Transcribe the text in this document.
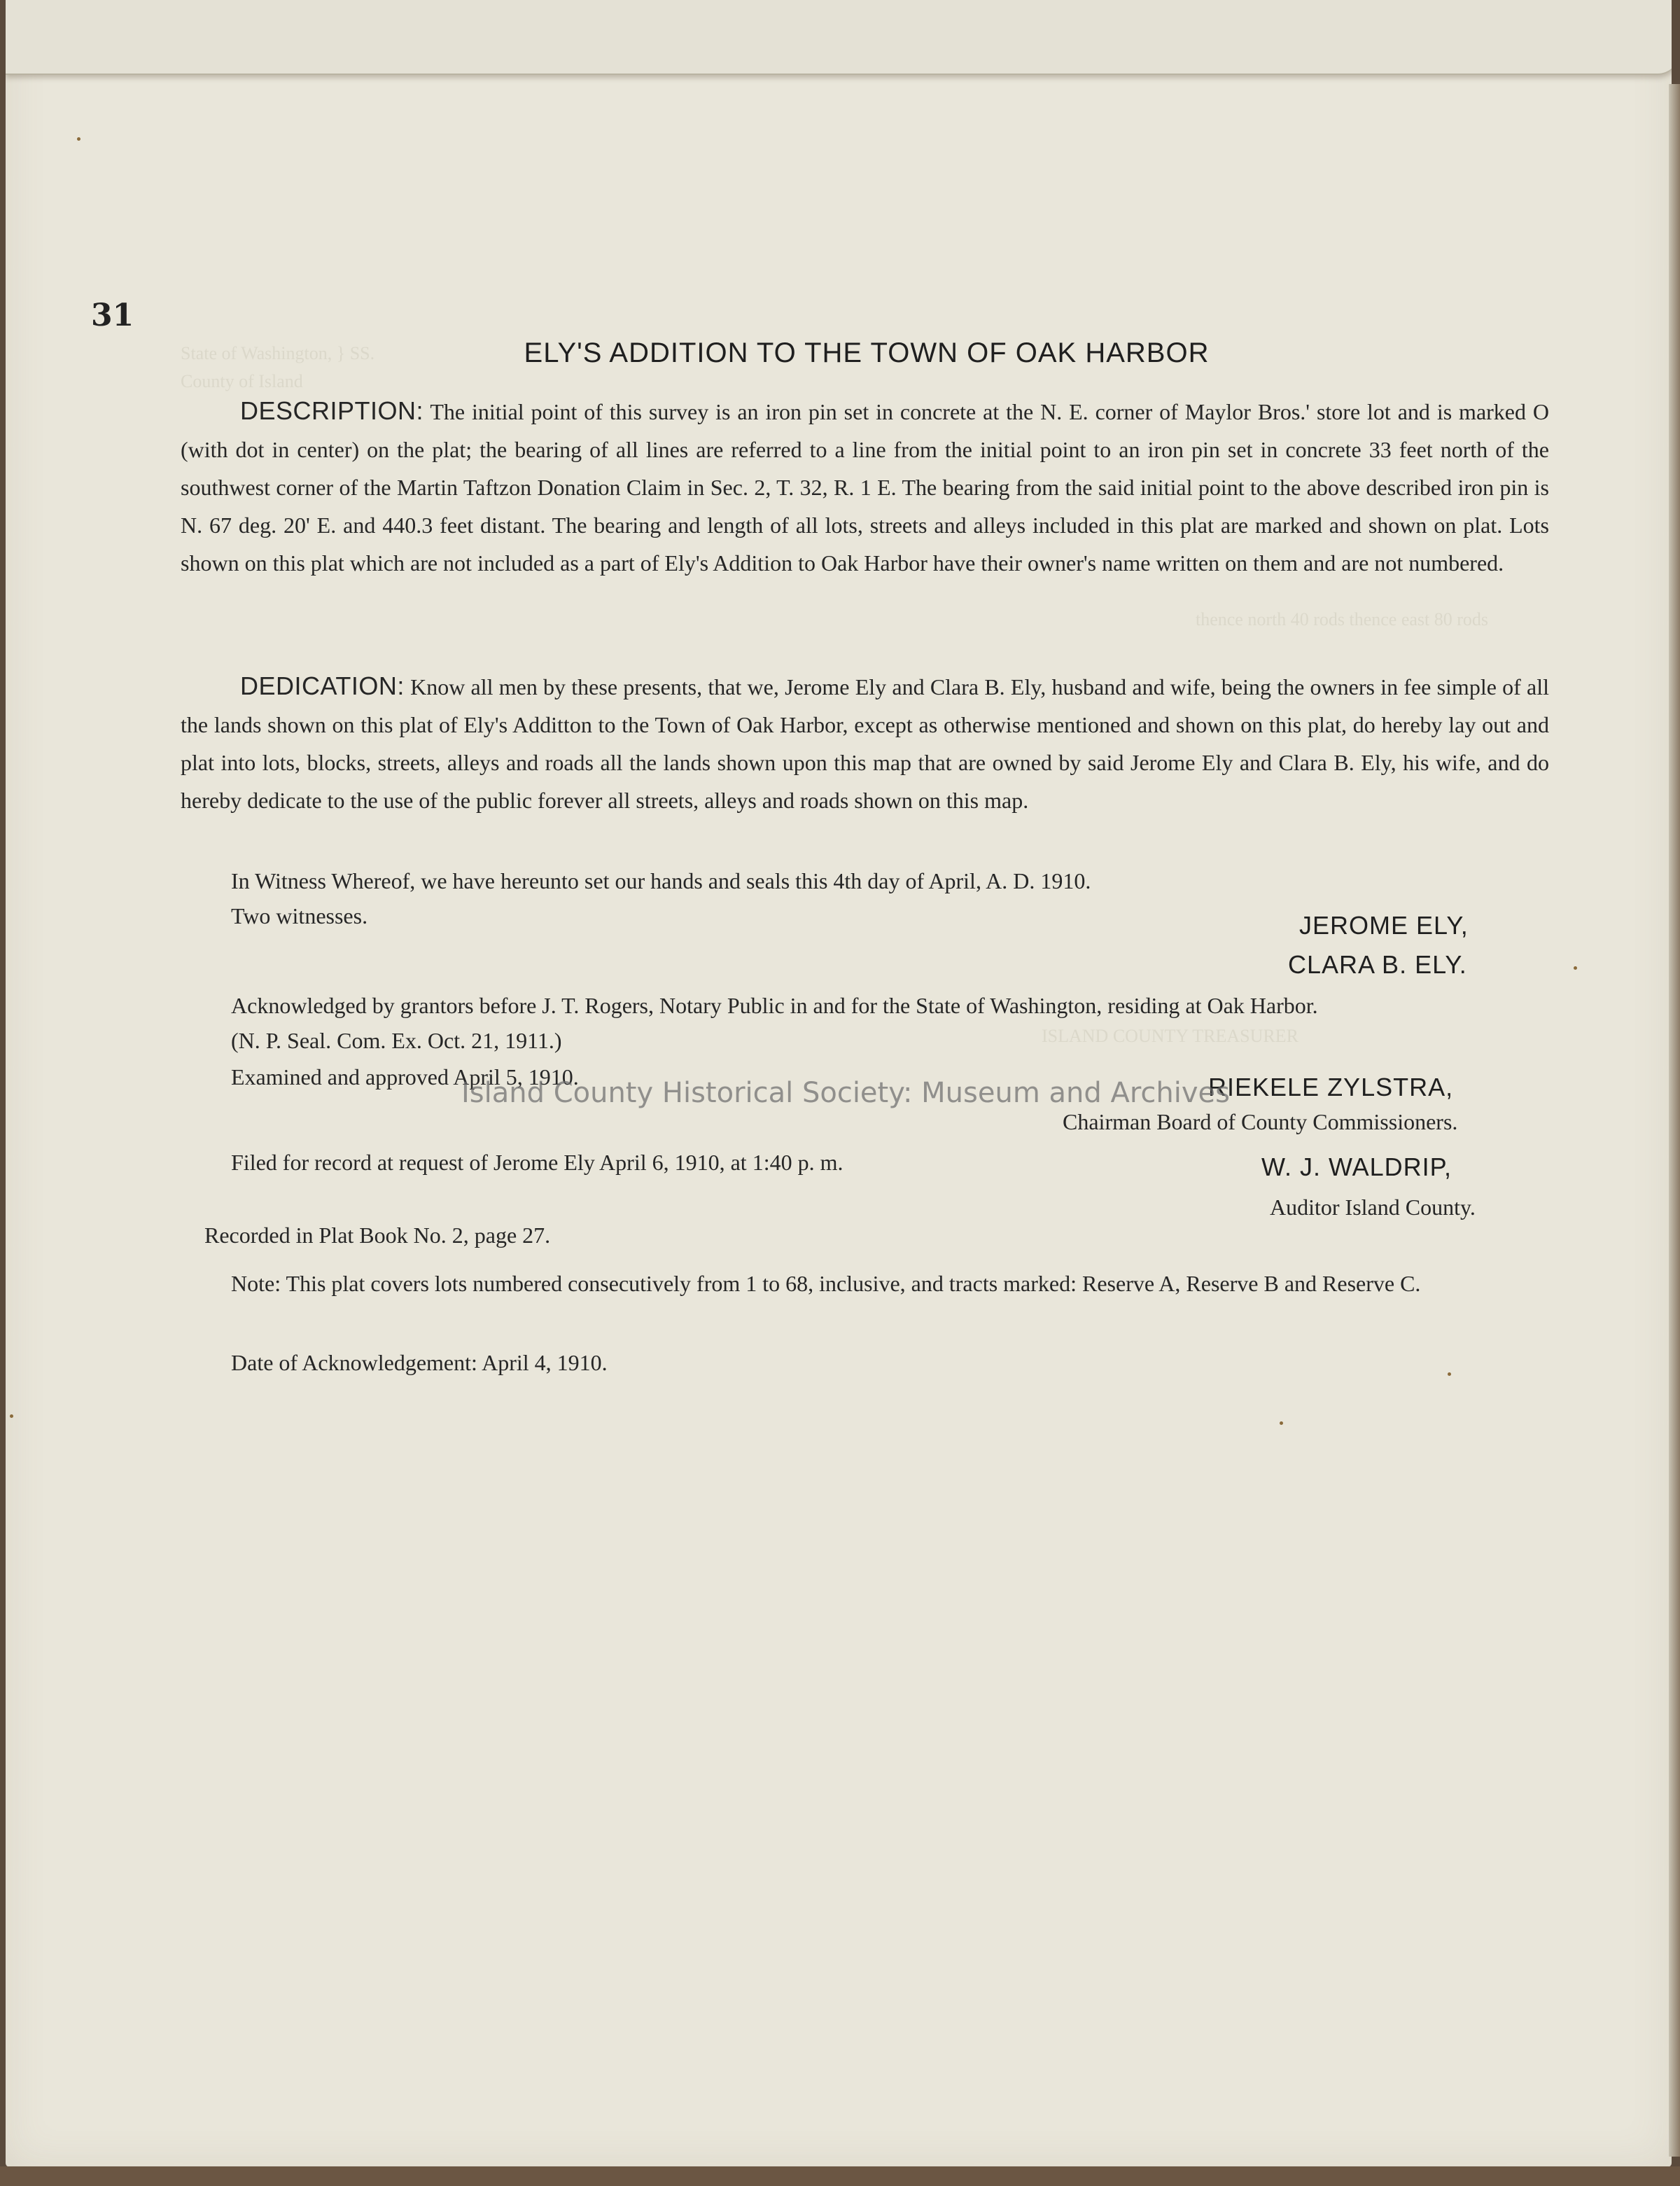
State of Washington, } SS.
County of Island
thence north 40 rods thence east 80 rods
ISLAND COUNTY TREASURER
31
ELY'S ADDITION TO THE TOWN OF OAK HARBOR
DESCRIPTION: The initial point of this survey is an iron pin set in concrete at the N. E. corner of Maylor Bros.' store lot and is marked O (with dot in center) on the plat; the bearing of all lines are referred to a line from the initial point to an iron pin set in concrete 33 feet north of the southwest corner of the Martin Taftzon Donation Claim in Sec. 2, T. 32, R. 1 E. The bearing from the said initial point to the above described iron pin is N. 67 deg. 20' E. and 440.3 feet distant. The bearing and length of all lots, streets and alleys included in this plat are marked and shown on plat. Lots shown on this plat which are not included as a part of Ely's Addition to Oak Harbor have their owner's name written on them and are not numbered.
DEDICATION: Know all men by these presents, that we, Jerome Ely and Clara B. Ely, husband and wife, being the owners in fee simple of all the lands shown on this plat of Ely's Additton to the Town of Oak Harbor, except as otherwise mentioned and shown on this plat, do hereby lay out and plat into lots, blocks, streets, alleys and roads all the lands shown upon this map that are owned by said Jerome Ely and Clara B. Ely, his wife, and do hereby dedicate to the use of the public forever all streets, alleys and roads shown on this map.
In Witness Whereof, we have hereunto set our hands and seals this 4th day of April, A. D. 1910.
Two witnesses.	JEROME ELY,
CLARA B. ELY.
Acknowledged by grantors before J. T. Rogers, Notary Public in and for the State of Washington, residing at Oak Harbor.
(N. P. Seal. Com. Ex. Oct. 21, 1911.)
Examined and approved April 5, 1910.	RIEKELE ZYLSTRA,
Chairman Board of County Commissioners.
Filed for record at request of Jerome Ely April 6, 1910, at 1:40 p. m.	W. J. WALDRIP,
Auditor Island County.
Recorded in Plat Book No. 2, page 27.
Note: This plat covers lots numbered consecutively from 1 to 68, inclusive, and tracts marked: Reserve A, Reserve B and Reserve C.
Date of Acknowledgement: April 4, 1910.
Island County Historical Society: Museum and Archives
